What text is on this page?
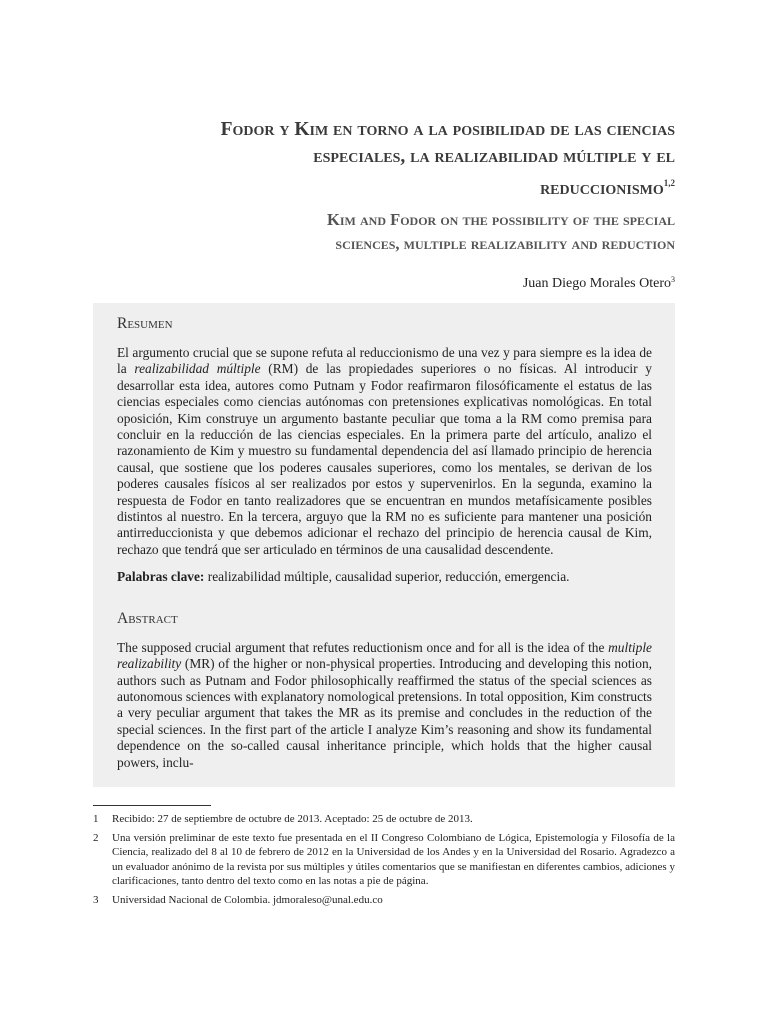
Fodor y Kim en torno a la posibilidad de las ciencias
especiales, la realizabilidad múltiple y el
reduccionismo$^{1,2}$
Kim and Fodor on the possibility of the special
sciences, multiple realizability and reduction
Juan Diego Morales Otero$^3$
Resumen

El argumento crucial que se supone refuta al reduccionismo de una vez y para siempre es la idea de la realizabilidad múltiple (RM) de las propiedades superiores o no físicas. Al introducir y desarrollar esta idea, autores como Putnam y Fodor reafirmaron filosóficamente el estatus de las ciencias especiales como ciencias autónomas con pretensiones explicativas nomológicas. En total oposición, Kim construye un argumento bastante peculiar que toma a la RM como premisa para concluir en la reducción de las ciencias especiales. En la primera parte del artículo, analizo el razonamiento de Kim y muestro su fundamental dependencia del así llamado principio de herencia causal, que sostiene que los poderes causales superiores, como los mentales, se derivan de los poderes causales físicos al ser realizados por estos y supervenirlos. En la segunda, examino la respuesta de Fodor en tanto realizadores que se encuentran en mundos metafísicamente posibles distintos al nuestro. En la tercera, arguyo que la RM no es suficiente para mantener una posición antirreduccionista y que debemos adicionar el rechazo del principio de herencia causal de Kim, rechazo que tendrá que ser articulado en términos de una causalidad descendente.

Palabras clave: realizabilidad múltiple, causalidad superior, reducción, emergencia.

Abstract

The supposed crucial argument that refutes reductionism once and for all is the idea of the multiple realizability (MR) of the higher or non-physical properties. Introducing and developing this notion, authors such as Putnam and Fodor philosophically reaffirmed the status of the special sciences as autonomous sciences with explanatory nomological pretensions. In total opposition, Kim constructs a very peculiar argument that takes the MR as its premise and concludes in the reduction of the special sciences. In the first part of the article I analyze Kim’s reasoning and show its fundamental dependence on the so-called causal inheritance principle, which holds that the higher causal powers, inclu-

1	Recibido: 27 de septiembre de octubre de 2013. Aceptado: 25 de octubre de 2013.
2	Una versión preliminar de este texto fue presentada en el II Congreso Colombiano de Lógica, Epistemología y Filosofía de la Ciencia, realizado del 8 al 10 de febrero de 2012 en la Universidad de los Andes y en la Universidad del Rosario. Agradezco a un evaluador anónimo de la revista por sus múltiples y útiles comentarios que se manifiestan en diferentes cambios, adiciones y clarificaciones, tanto dentro del texto como en las notas a pie de página.
3	Universidad Nacional de Colombia. jdmoraleso@unal.edu.co
